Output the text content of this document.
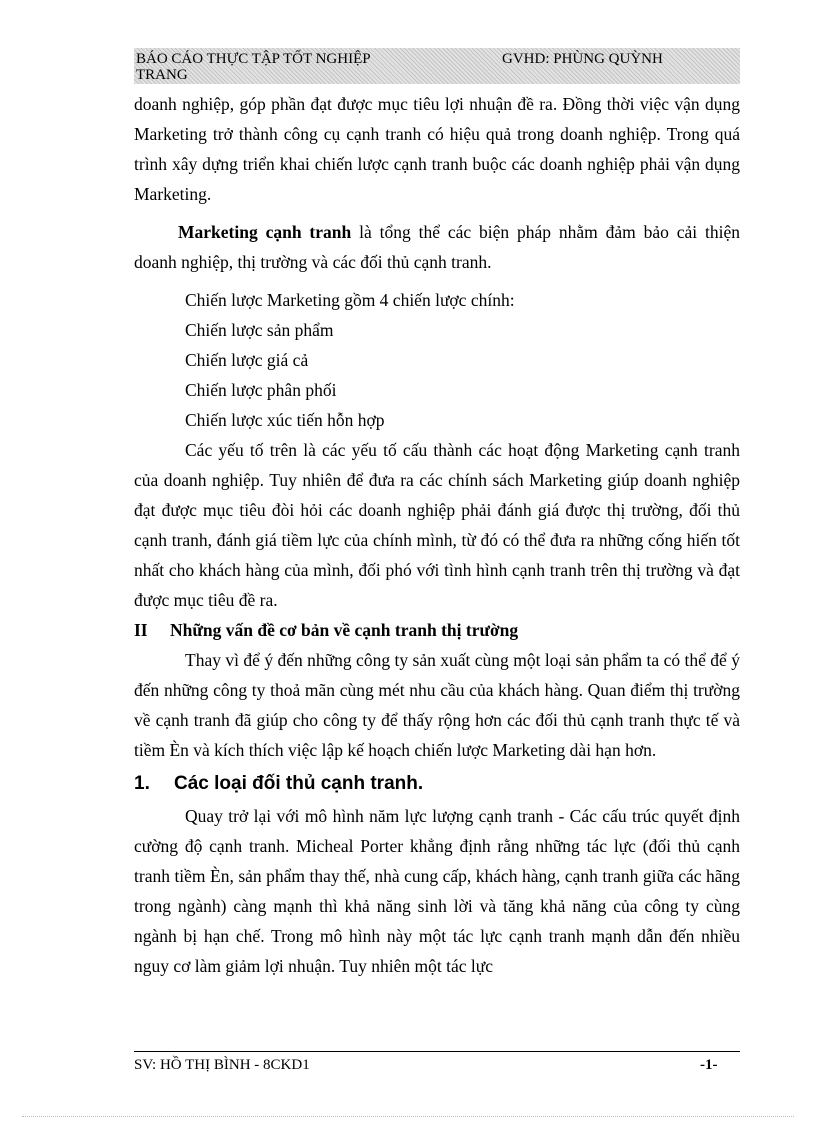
BÁO CÁO THỰC TẬP TỐT NGHIỆP	GVHD: PHÙNG QUỲNH
TRANG

doanh nghiệp, góp phần đạt được mục tiêu lợi nhuận đề ra. Đồng thời việc vận dụng Marketing trở thành công cụ cạnh tranh có hiệu quả trong doanh nghiệp. Trong quá trình xây dựng triển khai chiến lược cạnh tranh buộc các doanh nghiệp phải vận dụng Marketing.

Marketing cạnh tranh là tổng thể các biện pháp nhằm đảm bảo cải thiện doanh nghiệp, thị trường và các đối thủ cạnh tranh.

Chiến lược Marketing gồm 4 chiến lược chính:

Chiến lược sản phẩm

Chiến lược giá cả

Chiến lược phân phối

Chiến lược xúc tiến hỗn hợp

Các yếu tố trên là các yếu tố cấu thành các hoạt động Marketing cạnh tranh của doanh nghiệp. Tuy nhiên để đưa ra các chính sách Marketing giúp doanh nghiệp đạt được mục tiêu đòi hỏi các doanh nghiệp phải đánh giá được thị trường, đối thủ cạnh tranh, đánh giá tiềm lực của chính mình, từ đó có thể đưa ra những cống hiến tốt nhất cho khách hàng của mình, đối phó với tình hình cạnh tranh trên thị trường và đạt được mục tiêu đề ra.

II	Những vấn đề cơ bản về cạnh tranh thị trường

Thay vì để ý đến những công ty sản xuất cùng một loại sản phẩm ta có thể để ý đến những công ty thoả mãn cùng mét nhu cầu của khách hàng. Quan điểm thị trường về cạnh tranh đã giúp cho công ty để thấy rộng hơn các đối thủ cạnh tranh thực tế và tiềm Èn và kích thích việc lập kế hoạch chiến lược Marketing dài hạn hơn.

1.	Các loại đối thủ cạnh tranh.

Quay trở lại với mô hình năm lực lượng cạnh tranh - Các cấu trúc quyết định cường độ cạnh tranh. Micheal Porter khẳng định rằng những tác lực (đối thủ cạnh tranh tiềm Èn, sản phẩm thay thế, nhà cung cấp, khách hàng, cạnh tranh giữa các hãng trong ngành) càng mạnh thì khả năng sinh lời và tăng khả năng của công ty cùng ngành bị hạn chế. Trong mô hình này một tác lực cạnh tranh mạnh dẫn đến nhiều nguy cơ làm giảm lợi nhuận. Tuy nhiên một tác lực

SV: HỒ THỊ BÌNH - 8CKD1	-1-
